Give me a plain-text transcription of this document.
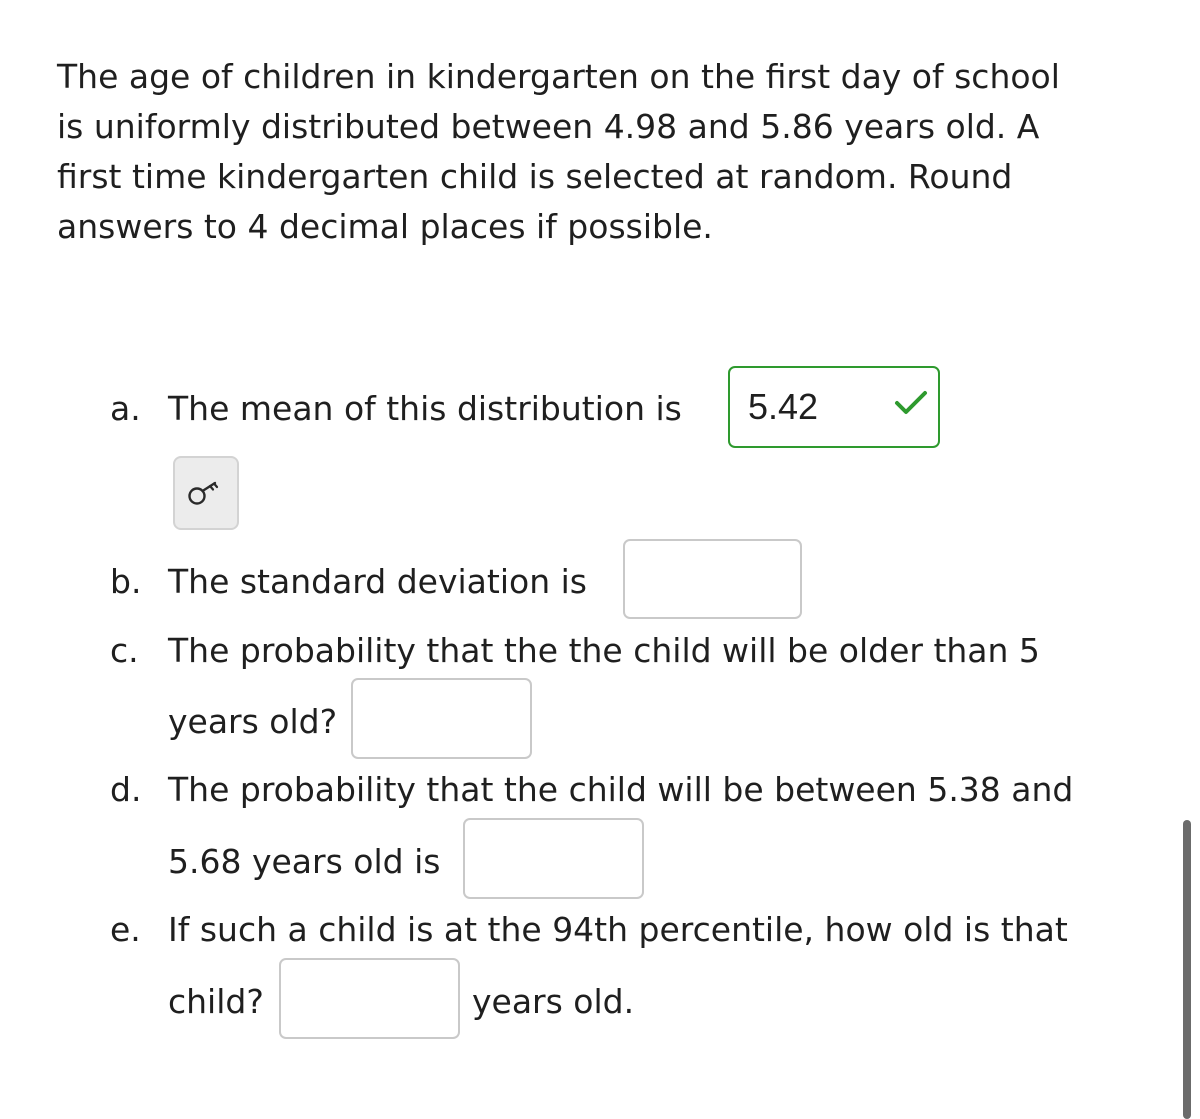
The age of children in kindergarten on the first day of school
is uniformly distributed between 4.98 and 5.86 years old. A
first time kindergarten child is selected at random. Round
answers to 4 decimal places if possible.
a. The mean of this distribution is
5.42
b. The standard deviation is
c. The probability that the the child will be older than 5
years old?
d. The probability that the child will be between 5.38 and
5.68 years old is
e. If such a child is at the 94th percentile, how old is that
child?	years old.
